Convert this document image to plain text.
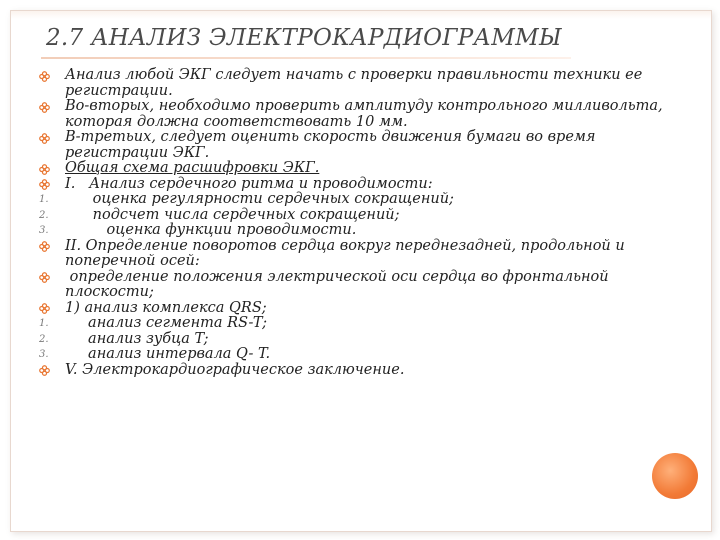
2.7 АНАЛИЗ ЭЛЕКТРОКАРДИОГРАММЫ
Анализ любой ЭКГ следует начать с проверки правильности техники ее регистрации.
Во-вторых, необходимо проверить амплитуду контрольного милливольта, которая должна соответствовать 10 мм.
В-третьих, следует оценить скорость движения бумаги во время регистрации ЭКГ.
Общая схема расшифровки ЭКГ.
I.   Анализ сердечного ритма и проводимости:
1. оценка регулярности сердечных сокращений;
2. подсчет числа сердечных сокращений;
3. оценка функции проводимости.
II. Определение поворотов сердца вокруг переднезадней, продольной и поперечной осей:
определение положения электрической оси сердца во фронтальной плоскости;
1) анализ комплекса QRS;
1. анализ сегмента RS-T;
2. анализ зубца T;
3. анализ интервала Q- T.
V. Электрокардиографическое заключение.
